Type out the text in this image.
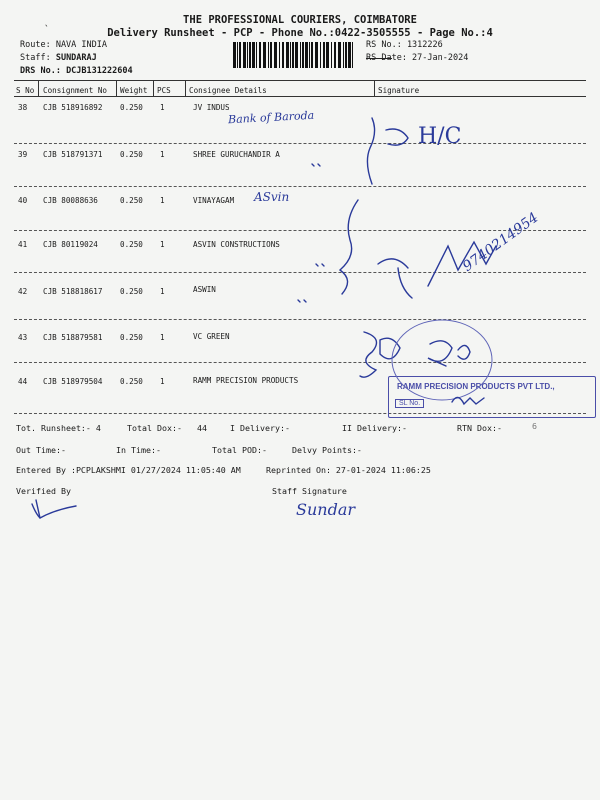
THE PROFESSIONAL COURIERS, COIMBATORE
Delivery Runsheet - PCP - Phone No.:0422-3505555 - Page No.:4
`
Route: NAVA INDIA
Staff: SUNDARAJ
DRS No.: DCJB131222604
RS No.: 1312226
RS Date: 27-Jan-2024
S No Consignment No Weight PCS Consignee Details	Signature
38 CJB 518916892 0.250 1	JV INDUS
39 CJB 518791371 0.250 1	SHREE GURUCHANDIR A
40 CJB 80088636	0.250 1	VINAYAGAM
41 CJB 80119024	0.250 1	ASVIN CONSTRUCTIONS
42 CJB 518818617 0.250 1	ASWIN
43 CJB 518879581 0.250 1	VC GREEN
44 CJB 518979504 0.250 1	RAMM PRECISION PRODUCTS
RAMM PRECISION PRODUCTS PVT LTD.,
SL No.
Bank of Baroda
H/C
ASvin
9740214954
Sundar
Tot. Runsheet:- 4	Total Dox:- 44	I Delivery:-	II Delivery:-	RTN Dox:-	6
Out Time:-	In Time:-	Total POD:-	Delvy Points:-
Entered By :PCPLAKSHMI 01/27/2024 11:05:40 AM	Reprinted On: 27-01-2024 11:06:25
Verified By	Staff Signature
